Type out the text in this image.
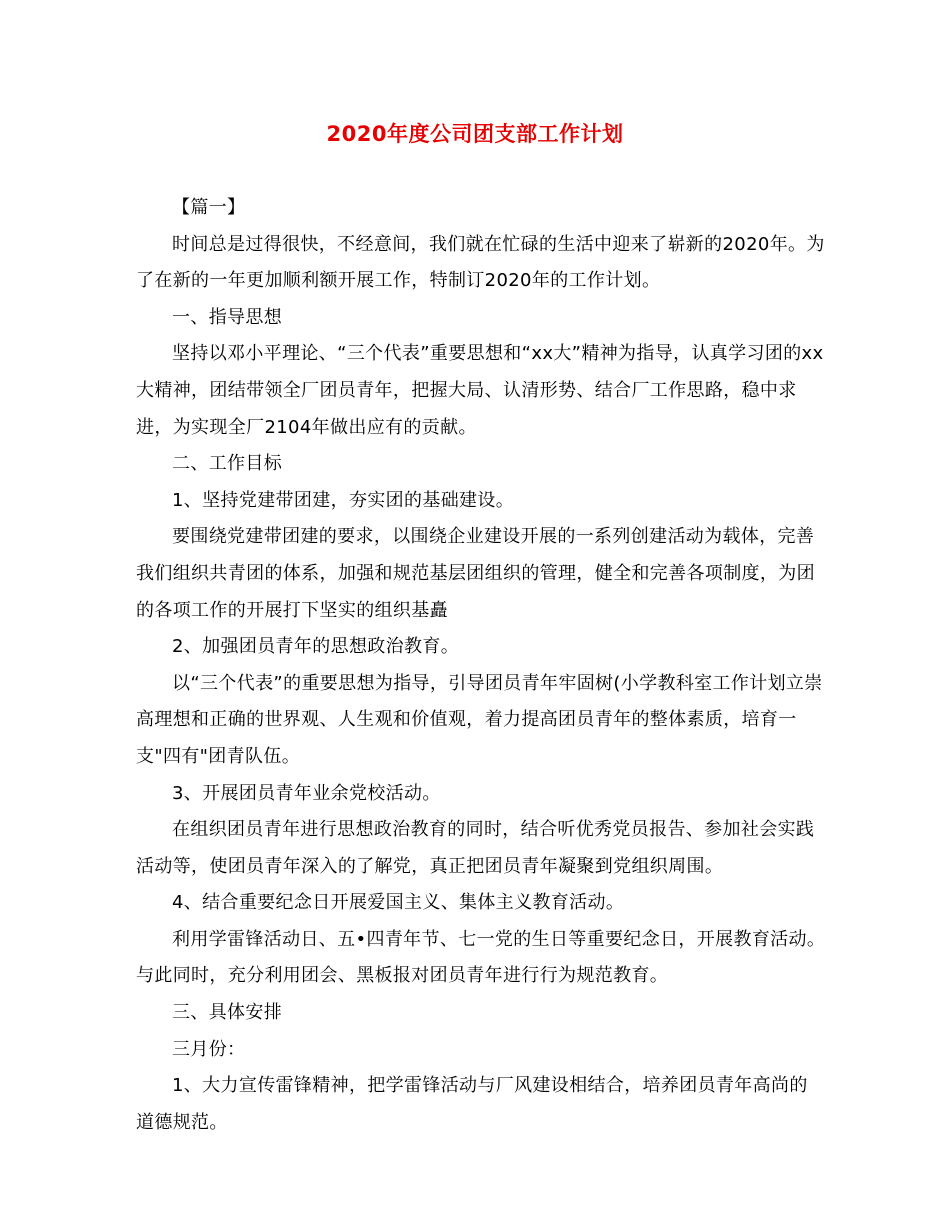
2020年度公司团支部工作计划

【篇一】

时间总是过得很快，不经意间，我们就在忙碌的生活中迎来了崭新的2020年。为了在新的一年更加顺利额开展工作，特制订2020年的工作计划。

一、指导思想

坚持以邓小平理论、“三个代表”重要思想和“xx大”精神为指导，认真学习团的xx大精神，团结带领全厂团员青年，把握大局、认清形势、结合厂工作思路，稳中求进，为实现全厂2104年做出应有的贡献。

二、工作目标

1、坚持党建带团建，夯实团的基础建设。

要围绕党建带团建的要求，以围绕企业建设开展的一系列创建活动为载体，完善我们组织共青团的体系，加强和规范基层团组织的管理，健全和完善各项制度，为团的各项工作的开展打下坚实的组织基矗

2、加强团员青年的思想政治教育。

以“三个代表”的重要思想为指导，引导团员青年牢固树(小学教科室工作计划立崇高理想和正确的世界观、人生观和价值观，着力提高团员青年的整体素质，培育一支"四有"团青队伍。

3、开展团员青年业余党校活动。

在组织团员青年进行思想政治教育的同时，结合听优秀党员报告、参加社会实践活动等，使团员青年深入的了解党，真正把团员青年凝聚到党组织周围。

4、结合重要纪念日开展爱国主义、集体主义教育活动。

利用学雷锋活动日、五•四青年节、七一党的生日等重要纪念日，开展教育活动。与此同时，充分利用团会、黑板报对团员青年进行行为规范教育。

三、具体安排

三月份：

1、大力宣传雷锋精神，把学雷锋活动与厂风建设相结合，培养团员青年高尚的道德规范。
